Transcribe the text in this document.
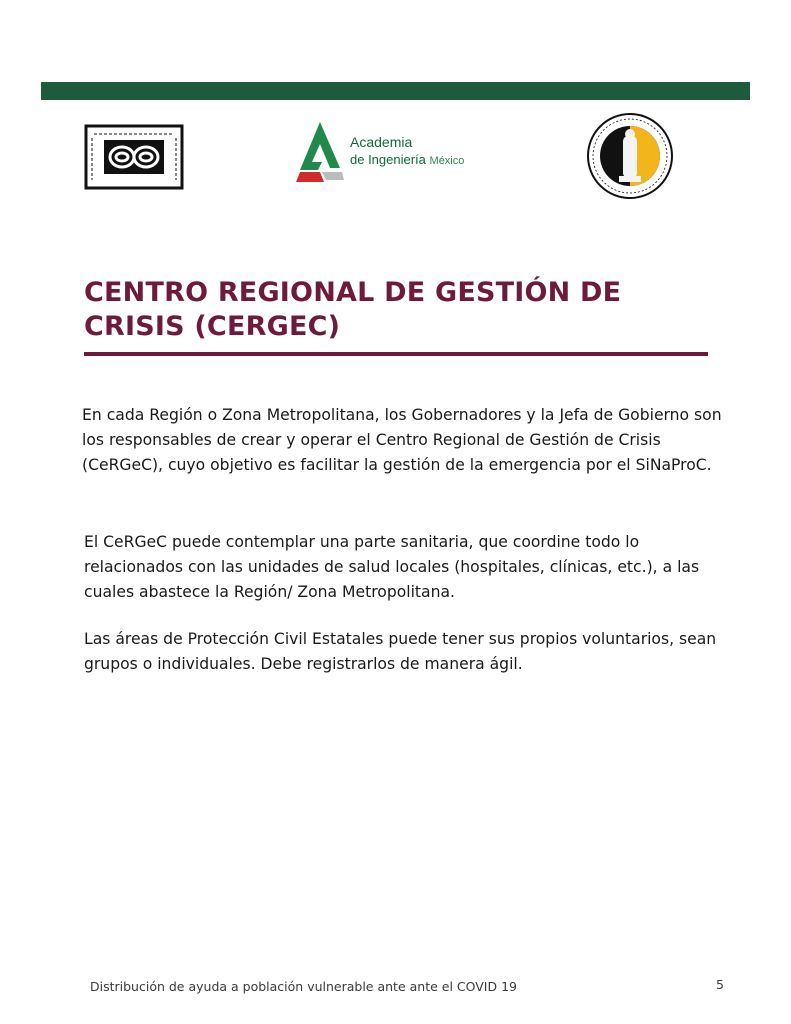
Academia
de Ingeniería México
CENTRO REGIONAL DE GESTIÓN DE
CRISIS (CERGEC)

En cada Región o Zona Metropolitana, los Gobernadores y la Jefa de Gobierno son los responsables de crear y operar el Centro Regional de Gestión de Crisis (CeRGeC), cuyo objetivo es facilitar la gestión de la emergencia por el SiNaProC.

El CeRGeC puede contemplar una parte sanitaria, que coordine todo lo relacionados con las unidades de salud locales (hospitales, clínicas, etc.), a las cuales abastece la Región/ Zona Metropolitana.

Las áreas de Protección Civil Estatales puede tener sus propios voluntarios, sean grupos o individuales. Debe registrarlos de manera ágil.

Distribución de ayuda a población vulnerable ante ante el COVID 19	5
